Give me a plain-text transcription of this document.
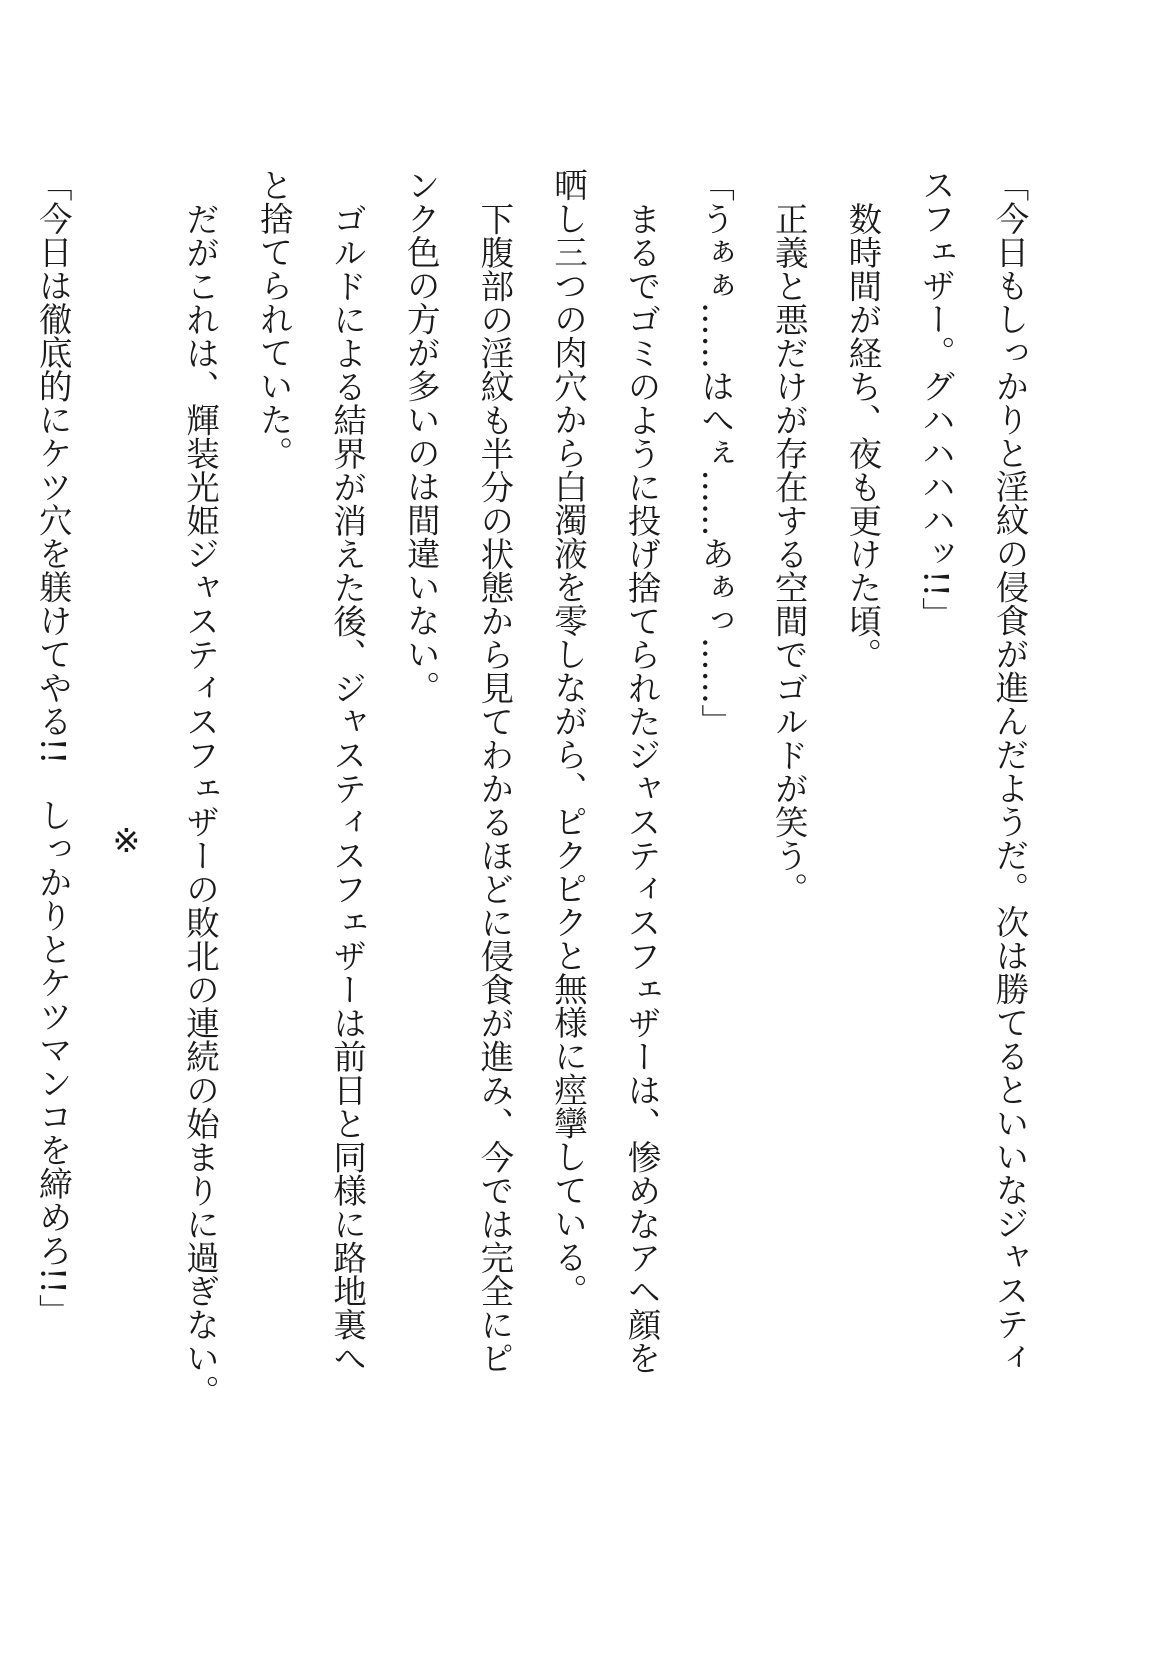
「今日もしっかりと淫紋の侵食が進んだようだ。次は勝てるといいなジャスティ
スフェザー。グハハハハッ!!」
数時間が経ち、夜も更けた頃。
正義と悪だけが存在する空間でゴルドが笑う。
「うぁぁ……はへぇ……あぁっ……」
まるでゴミのように投げ捨てられたジャスティスフェザーは、惨めなアヘ顔を
晒し三つの肉穴から白濁液を零しながら、ピクピクと無様に痙攣している。
下腹部の淫紋も半分の状態から見てわかるほどに侵食が進み、今では完全にピ
ンク色の方が多いのは間違いない。
ゴルドによる結界が消えた後、ジャスティスフェザーは前日と同様に路地裏へ
と捨てられていた。
だがこれは、輝装光姫ジャスティスフェザーの敗北の連続の始まりに過ぎない。
※
「今日は徹底的にケツ穴を躾けてやる!!　しっかりとケツマンコを締めろ!!」
